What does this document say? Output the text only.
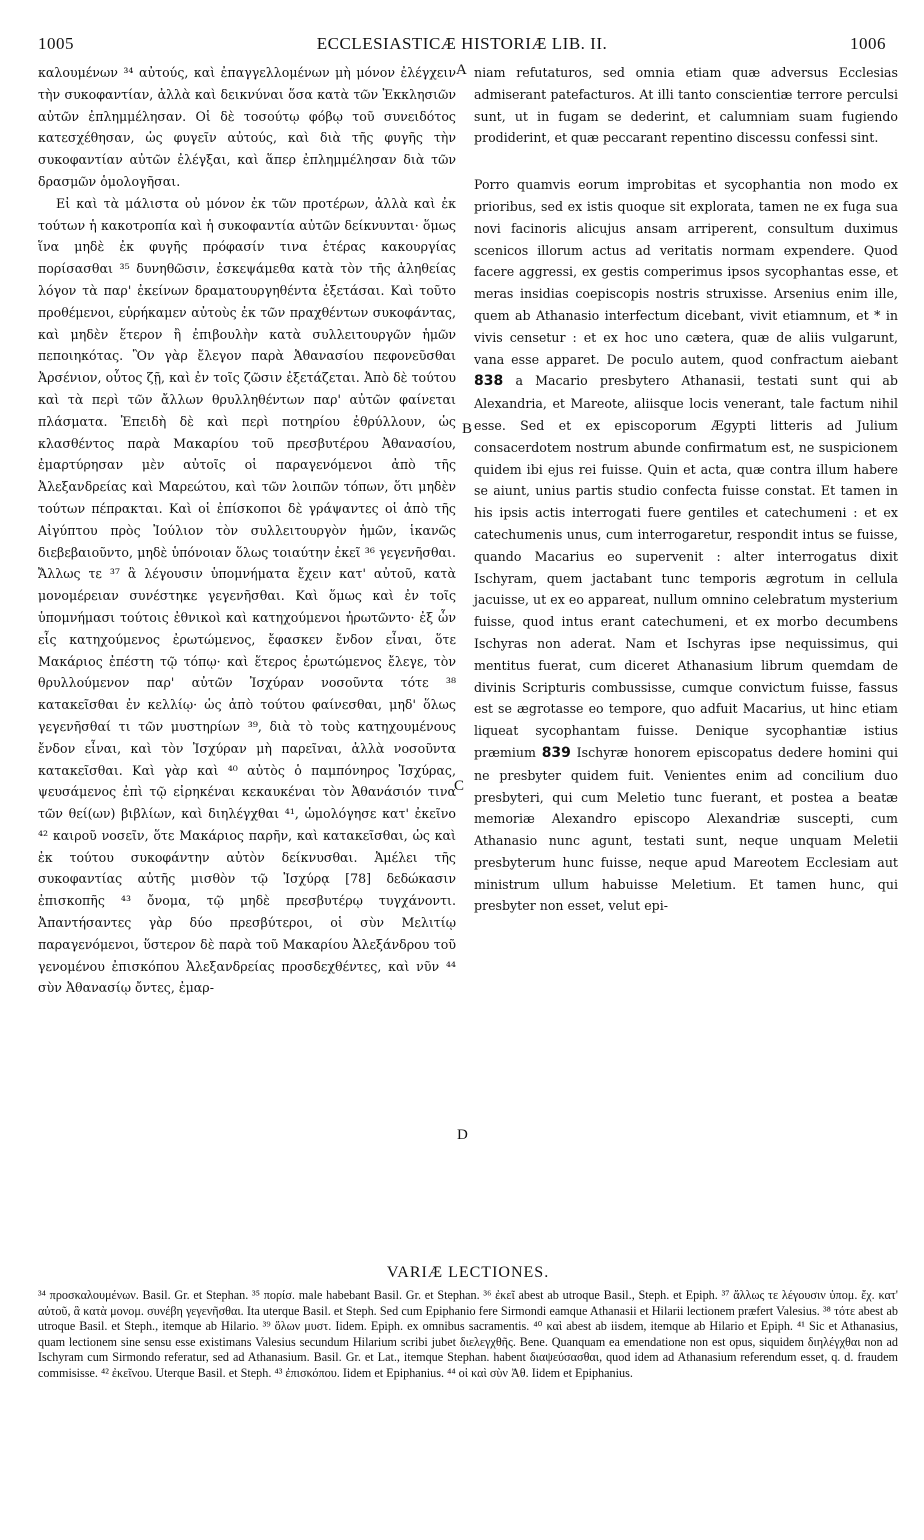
1005	ECCLESIASTICÆ HISTORIÆ LIB. II.	1006
A
B
C
D

καλουμένων ³⁴ αὐτούς, καὶ ἐπαγγελλομένων μὴ μόνον ἐλέγχειν τὴν συκοφαντίαν, ἀλλὰ καὶ δεικνύναι ὅσα κατὰ τῶν Ἐκκλησιῶν αὐτῶν ἐπλημμέλησαν. Οἱ δὲ τοσούτῳ φόβῳ τοῦ συνειδότος κατεσχέθησαν, ὡς φυγεῖν αὐτούς, καὶ διὰ τῆς φυγῆς τὴν συκοφαντίαν αὐτῶν ἐλέγξαι, καὶ ἅπερ ἐπλημμέλησαν διὰ τῶν δρασμῶν ὁμολογῆσαι.

Εἰ καὶ τὰ μάλιστα οὐ μόνον ἐκ τῶν προτέρων, ἀλλὰ καὶ ἐκ τούτων ἡ κακοτροπία καὶ ἡ συκοφαντία αὐτῶν δείκνυνται· ὅμως ἵνα μηδὲ ἐκ φυγῆς πρόφασίν τινα ἑτέρας κακουργίας πορίσασθαι ³⁵ δυνηθῶσιν, ἐσκεψάμεθα κατὰ τὸν τῆς ἀληθείας λόγον τὰ παρ' ἐκείνων δραματουργηθέντα ἐξετάσαι. Καὶ τοῦτο προθέμενοι, εὑρήκαμεν αὐτοὺς ἐκ τῶν πραχθέντων συκοφάντας, καὶ μηδὲν ἕτερον ἢ ἐπιβουλὴν κατὰ συλλειτουργῶν ἡμῶν πεποιηκότας. Ὃν γὰρ ἔλεγον παρὰ Ἀθανασίου πεφονεῦσθαι Ἀρσένιον, οὗτος ζῇ, καὶ ἐν τοῖς ζῶσιν ἐξετάζεται. Ἀπὸ δὲ τούτου καὶ τὰ περὶ τῶν ἄλλων θρυλληθέντων παρ' αὐτῶν φαίνεται πλάσματα. Ἐπειδὴ δὲ καὶ περὶ ποτηρίου ἐθρύλλουν, ὡς κλασθέντος παρὰ Μακαρίου τοῦ πρεσβυτέρου Ἀθανασίου, ἐμαρτύρησαν μὲν αὐτοῖς οἱ παραγενόμενοι ἀπὸ τῆς Ἀλεξανδρείας καὶ Μαρεώτου, καὶ τῶν λοιπῶν τόπων, ὅτι μηδὲν τούτων πέπρακται. Καὶ οἱ ἐπίσκοποι δὲ γράψαντες οἱ ἀπὸ τῆς Αἰγύπτου πρὸς Ἰούλιον τὸν συλλειτουργὸν ἡμῶν, ἱκανῶς διεβεβαιοῦντο, μηδὲ ὑπόνοιαν ὅλως τοιαύτην ἐκεῖ ³⁶ γεγενῆσθαι. Ἄλλως τε ³⁷ ἃ λέγουσιν ὑπομνήματα ἔχειν κατ' αὐτοῦ, κατὰ μονομέρειαν συνέστηκε γεγενῆσθαι. Καὶ ὅμως καὶ ἐν τοῖς ὑπομνήμασι τούτοις ἐθνικοὶ καὶ κατηχούμενοι ἠρωτῶντο· ἐξ ὧν εἷς κατηχούμενος ἐρωτώμενος, ἔφασκεν ἔνδον εἶναι, ὅτε Μακάριος ἐπέστη τῷ τόπῳ· καὶ ἕτερος ἐρωτώμενος ἔλεγε, τὸν θρυλλούμενον παρ' αὐτῶν Ἰσχύραν νοσοῦντα τότε ³⁸ κατακεῖσθαι ἐν κελλίῳ· ὡς ἀπὸ τούτου φαίνεσθαι, μηδ' ὅλως γεγενῆσθαί τι τῶν μυστηρίων ³⁹, διὰ τὸ τοὺς κατηχουμένους ἔνδον εἶναι, καὶ τὸν Ἰσχύραν μὴ παρεῖναι, ἀλλὰ νοσοῦντα κατακεῖσθαι. Καὶ γὰρ καὶ ⁴⁰ αὐτὸς ὁ παμπόνηρος Ἰσχύρας, ψευσάμενος ἐπὶ τῷ εἰρηκέναι κεκαυκέναι τὸν Ἀθανάσιόν τινα τῶν θεί(ων) βιβλίων, καὶ διηλέγχθαι ⁴¹, ὡμολόγησε κατ' ἐκεῖνο ⁴² καιροῦ νοσεῖν, ὅτε Μακάριος παρῆν, καὶ κατακεῖσθαι, ὡς καὶ ἐκ τούτου συκοφάντην αὐτὸν δείκνυσθαι. Ἀμέλει τῆς συκοφαντίας αὐτῆς μισθὸν τῷ Ἰσχύρᾳ [78] δεδώκασιν ἐπισκοπῆς ⁴³ ὄνομα, τῷ μηδὲ πρεσβυτέρῳ τυγχάνοντι. Ἀπαντήσαντες γὰρ δύο πρεσβύτεροι, οἱ σὺν Μελιτίῳ παραγενόμενοι, ὕστερον δὲ παρὰ τοῦ Μακαρίου Ἀλεξάνδρου τοῦ γενομένου ἐπισκόπου Ἀλεξανδρείας προσδεχθέντες, καὶ νῦν ⁴⁴ σὺν Ἀθανασίῳ ὄντες, ἐμαρ-

niam refutaturos, sed omnia etiam quæ adversus Ecclesias admiserant patefacturos. At illi tanto conscientiæ terrore perculsi sunt, ut in fugam se dederint, et calumniam suam fugiendo prodiderint, et quæ peccarant repentino discessu confessi sint.

Porro quamvis eorum improbitas et sycophantia non modo ex prioribus, sed ex istis quoque sit explorata, tamen ne ex fuga sua novi facinoris alicujus ansam arriperent, consultum duximus scenicos illorum actus ad veritatis normam expendere. Quod facere aggressi, ex gestis comperimus ipsos sycophantas esse, et meras insidias coepiscopis nostris struxisse. Arsenius enim ille, quem ab Athanasio interfectum dicebant, vivit etiamnum, et * in vivis censetur : et ex hoc uno cætera, quæ de aliis vulgarunt, vana esse apparet. De poculo autem, quod confractum aiebant 838 a Macario presbytero Athanasii, testati sunt qui ab Alexandria, et Mareote, aliisque locis venerant, tale factum nihil esse. Sed et ex episcoporum Ægypti litteris ad Julium consacerdotem nostrum abunde confirmatum est, ne suspicionem quidem ibi ejus rei fuisse. Quin et acta, quæ contra illum habere se aiunt, unius partis studio confecta fuisse constat. Et tamen in his ipsis actis interrogati fuere gentiles et catechumeni : et ex catechumenis unus, cum interrogaretur, respondit intus se fuisse, quando Macarius eo supervenit : alter interrogatus dixit Ischyram, quem jactabant tunc temporis ægrotum in cellula jacuisse, ut ex eo appareat, nullum omnino celebratum mysterium fuisse, quod intus erant catechumeni, et ex morbo decumbens Ischyras non aderat. Nam et Ischyras ipse nequissimus, qui mentitus fuerat, cum diceret Athanasium librum quemdam de divinis Scripturis combussisse, cumque convictum fuisse, fassus est se ægrotasse eo tempore, quo adfuit Macarius, ut hinc etiam liqueat sycophantam fuisse. Denique sycophantiæ istius præmium 839 Ischyræ honorem episcopatus dedere homini qui ne presbyter quidem fuit. Venientes enim ad concilium duo presbyteri, qui cum Meletio tunc fuerant, et postea a beatæ memoriæ Alexandro episcopo Alexandriæ suscepti, cum Athanasio nunc agunt, testati sunt, neque unquam Meletii presbyterum hunc fuisse, neque apud Mareotem Ecclesiam aut ministrum ullum habuisse Meletium. Et tamen hunc, qui presbyter non esset, velut epi-

VARIÆ LECTIONES.

³⁴ προσκαλουμένων. Basil. Gr. et Stephan. ³⁵ πορίσ. male habebant Basil. Gr. et Stephan. ³⁶ ἐκεῖ abest ab utroque Basil., Steph. et Epiph. ³⁷ ἄλλως τε λέγουσιν ὑπομ. ἔχ. κατ' αὐτοῦ, ἃ κατὰ μονομ. συνέβη γεγενῆσθαι. Ita uterque Basil. et Steph. Sed cum Epiphanio fere Sirmondi eamque Athanasii et Hilarii lectionem præfert Valesius. ³⁸ τότε abest ab utroque Basil. et Steph., itemque ab Hilario. ³⁹ ὅλων μυστ. Iidem. Epiph. ex omnibus sacramentis. ⁴⁰ καὶ abest ab iisdem, itemque ab Hilario et Epiph. ⁴¹ Sic et Athanasius, quam lectionem sine sensu esse existimans Valesius secundum Hilarium scribi jubet διελεγχθῆς. Bene. Quanquam ea emendatione non est opus, siquidem διηλέγχθαι non ad Ischyram cum Sirmondo referatur, sed ad Athanasium. Basil. Gr. et Lat., itemque Stephan. habent διαψεύσασθαι, quod idem ad Athanasium referendum esset, q. d. fraudem commisisse. ⁴² ἐκεῖνου. Uterque Basil. et Steph. ⁴³ ἐπισκόπου. Iidem et Epiphanius. ⁴⁴ οἱ καὶ σὺν Ἀθ. Iidem et Epiphanius.
